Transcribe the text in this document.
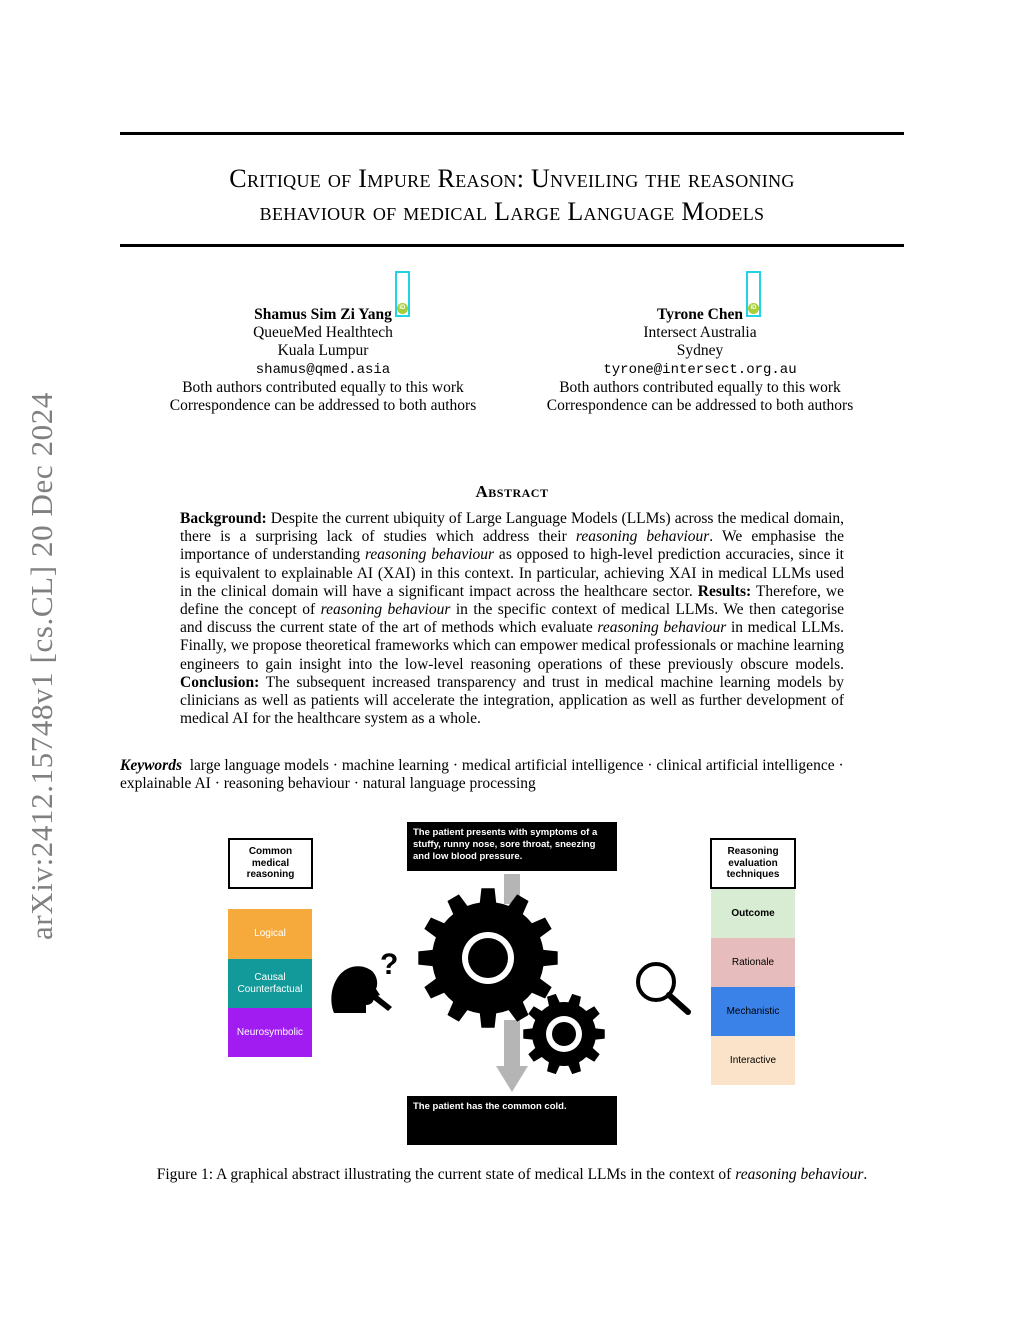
arXiv:2412.15748v1 [cs.CL] 20 Dec 2024
Critique of Impure Reason: Unveiling the reasoning
behaviour of medical Large Language Models
Shamus Sim Zi Yang	iD
QueueMed Healthtech
Kuala Lumpur
shamus@qmed.asia
Both authors contributed equally to this work
Correspondence can be addressed to both authors
Tyrone Chen	iD
Intersect Australia
Sydney
tyrone@intersect.org.au
Both authors contributed equally to this work
Correspondence can be addressed to both authors
Abstract
Background: Despite the current ubiquity of Large Language Models (LLMs) across the medical domain, there is a surprising lack of studies which address their reasoning behaviour. We emphasise the importance of understanding reasoning behaviour as opposed to high-level prediction accuracies, since it is equivalent to explainable AI (XAI) in this context. In particular, achieving XAI in medical LLMs used in the clinical domain will have a significant impact across the healthcare sector. Results: Therefore, we define the concept of reasoning behaviour in the specific context of medical LLMs. We then categorise and discuss the current state of the art of methods which evaluate reasoning behaviour in medical LLMs. Finally, we propose theoretical frameworks which can empower medical professionals or machine learning engineers to gain insight into the low-level reasoning operations of these previously obscure models. Conclusion: The subsequent increased transparency and trust in medical machine learning models by clinicians as well as patients will accelerate the integration, application as well as further development of medical AI for the healthcare system as a whole.
Keywords large language models · machine learning · medical artificial intelligence · clinical artificial intelligence · explainable AI · reasoning behaviour · natural language processing
Common medical reasoning
Logical
Causal Counterfactual
Neurosymbolic
?
The patient presents with symptoms of a stuffy, runny nose, sore throat, sneezing and low blood pressure.
The patient has the common cold.
Reasoning evaluation techniques
Outcome
Rationale
Mechanistic
Interactive
Figure 1: A graphical abstract illustrating the current state of medical LLMs in the context of reasoning behaviour.
